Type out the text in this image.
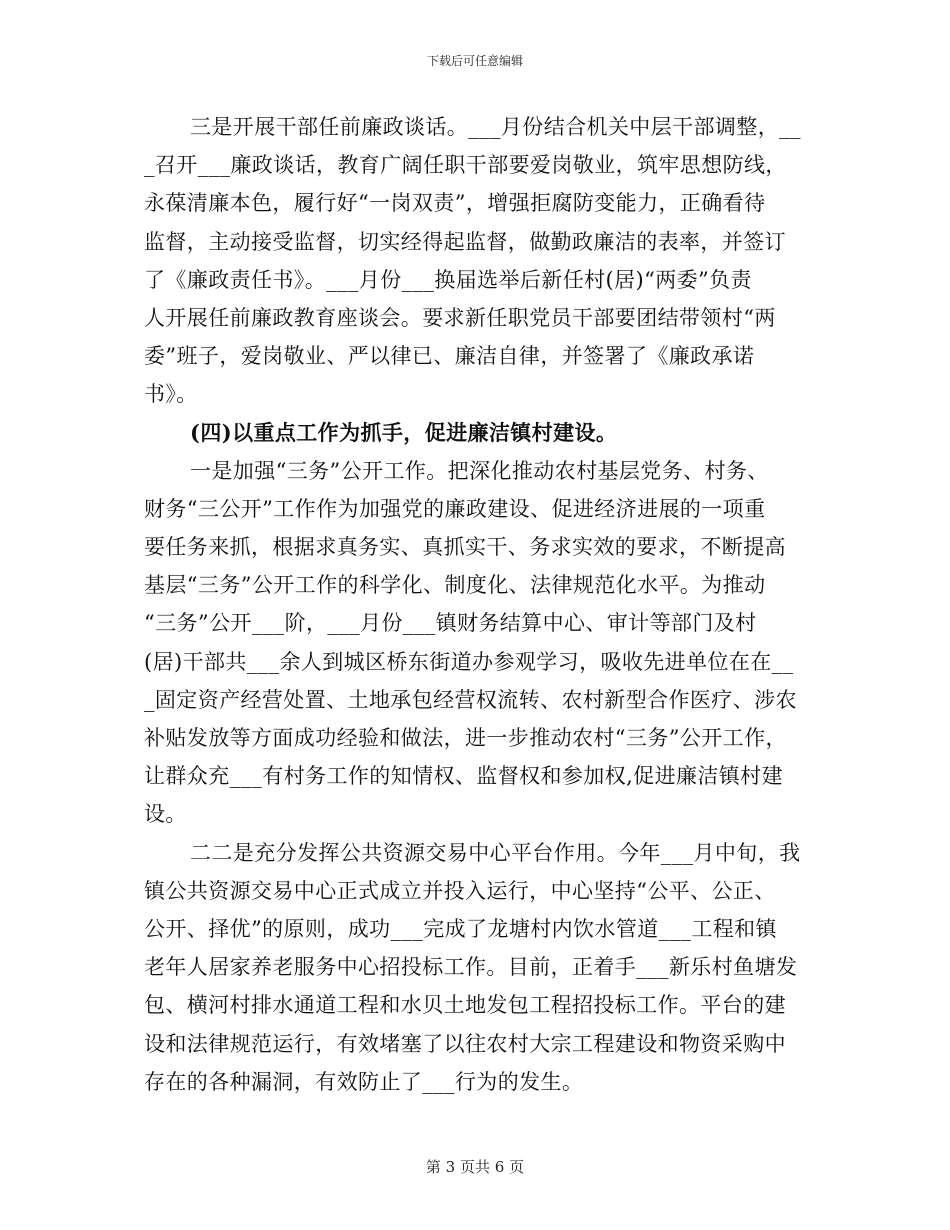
下载后可任意编辑
三是开展干部任前廉政谈话。___月份结合机关中层干部调整，__
_召开___廉政谈话，教育广阔任职干部要爱岗敬业，筑牢思想防线，
永葆清廉本色，履行好“一岗双责”，增强拒腐防变能力，正确看待
监督，主动接受监督，切实经得起监督，做勤政廉洁的表率，并签订
了《廉政责任书》。___月份___换届选举后新任村(居)“两委”负责
人开展任前廉政教育座谈会。要求新任职党员干部要团结带领村“两
委”班子，爱岗敬业、严以律已、廉洁自律，并签署了《廉政承诺
书》。
(四)以重点工作为抓手，促进廉洁镇村建设。
一是加强“三务”公开工作。把深化推动农村基层党务、村务、
财务“三公开”工作作为加强党的廉政建设、促进经济进展的一项重
要任务来抓，根据求真务实、真抓实干、务求实效的要求，不断提高
基层“三务”公开工作的科学化、制度化、法律规范化水平。为推动
“三务”公开___阶，___月份___镇财务结算中心、审计等部门及村
(居)干部共___余人到城区桥东街道办参观学习，吸收先进单位在在__
_固定资产经营处置、土地承包经营权流转、农村新型合作医疗、涉农
补贴发放等方面成功经验和做法，进一步推动农村“三务”公开工作，
让群众充___有村务工作的知情权、监督权和参加权,促进廉洁镇村建
设。
二二是充分发挥公共资源交易中心平台作用。今年___月中旬，我
镇公共资源交易中心正式成立并投入运行，中心坚持“公平、公正、
公开、择优”的原则，成功___完成了龙塘村内饮水管道___工程和镇
老年人居家养老服务中心招投标工作。目前，正着手___新乐村鱼塘发
包、横河村排水通道工程和水贝土地发包工程招投标工作。平台的建
设和法律规范运行，有效堵塞了以往农村大宗工程建设和物资采购中
存在的各种漏洞，有效防止了___行为的发生。
第 3 页共 6 页
